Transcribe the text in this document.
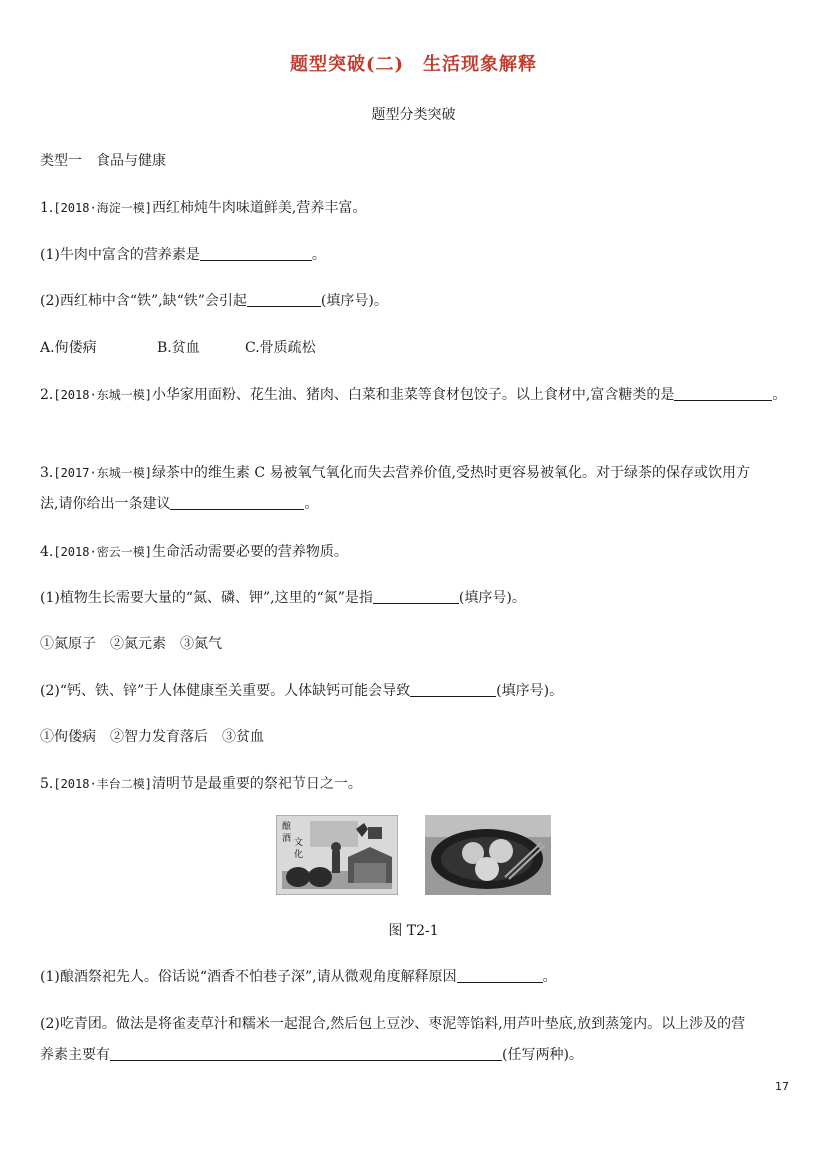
题型突破(二)　生活现象解释
题型分类突破
类型一　食品与健康
1.[2018·海淀一模]西红柿炖牛肉味道鲜美,营养丰富。
(1)牛肉中富含的营养素是	。
(2)西红柿中含“铁”,缺“铁”会引起	(填序号)。
A.佝偻病	B.贫血	C.骨质疏松
2.[2018·东城一模]小华家用面粉、花生油、猪肉、白菜和韭菜等食材包饺子。以上食材中,富含糖类的是	。
3.[2017·东城一模]绿茶中的维生素 C 易被氧气氧化而失去营养价值,受热时更容易被氧化。对于绿茶的保存或饮用方
法,请你给出一条建议	。
4.[2018·密云一模]生命活动需要必要的营养物质。
(1)植物生长需要大量的“氮、磷、钾”,这里的“氮”是指	(填序号)。
①氮原子　②氮元素　③氮气
(2)“钙、铁、锌”于人体健康至关重要。人体缺钙可能会导致	(填序号)。
①佝偻病　②智力发育落后　③贫血
5.[2018·丰台二模]清明节是最重要的祭祀节日之一。
酿
酒 文
化
图 T2-1
(1)酿酒祭祀先人。俗话说“酒香不怕巷子深”,请从微观角度解释原因	。
(2)吃青团。做法是将雀麦草汁和糯米一起混合,然后包上豆沙、枣泥等馅料,用芦叶垫底,放到蒸笼内。以上涉及的营
养素主要有	(任写两种)。
17
